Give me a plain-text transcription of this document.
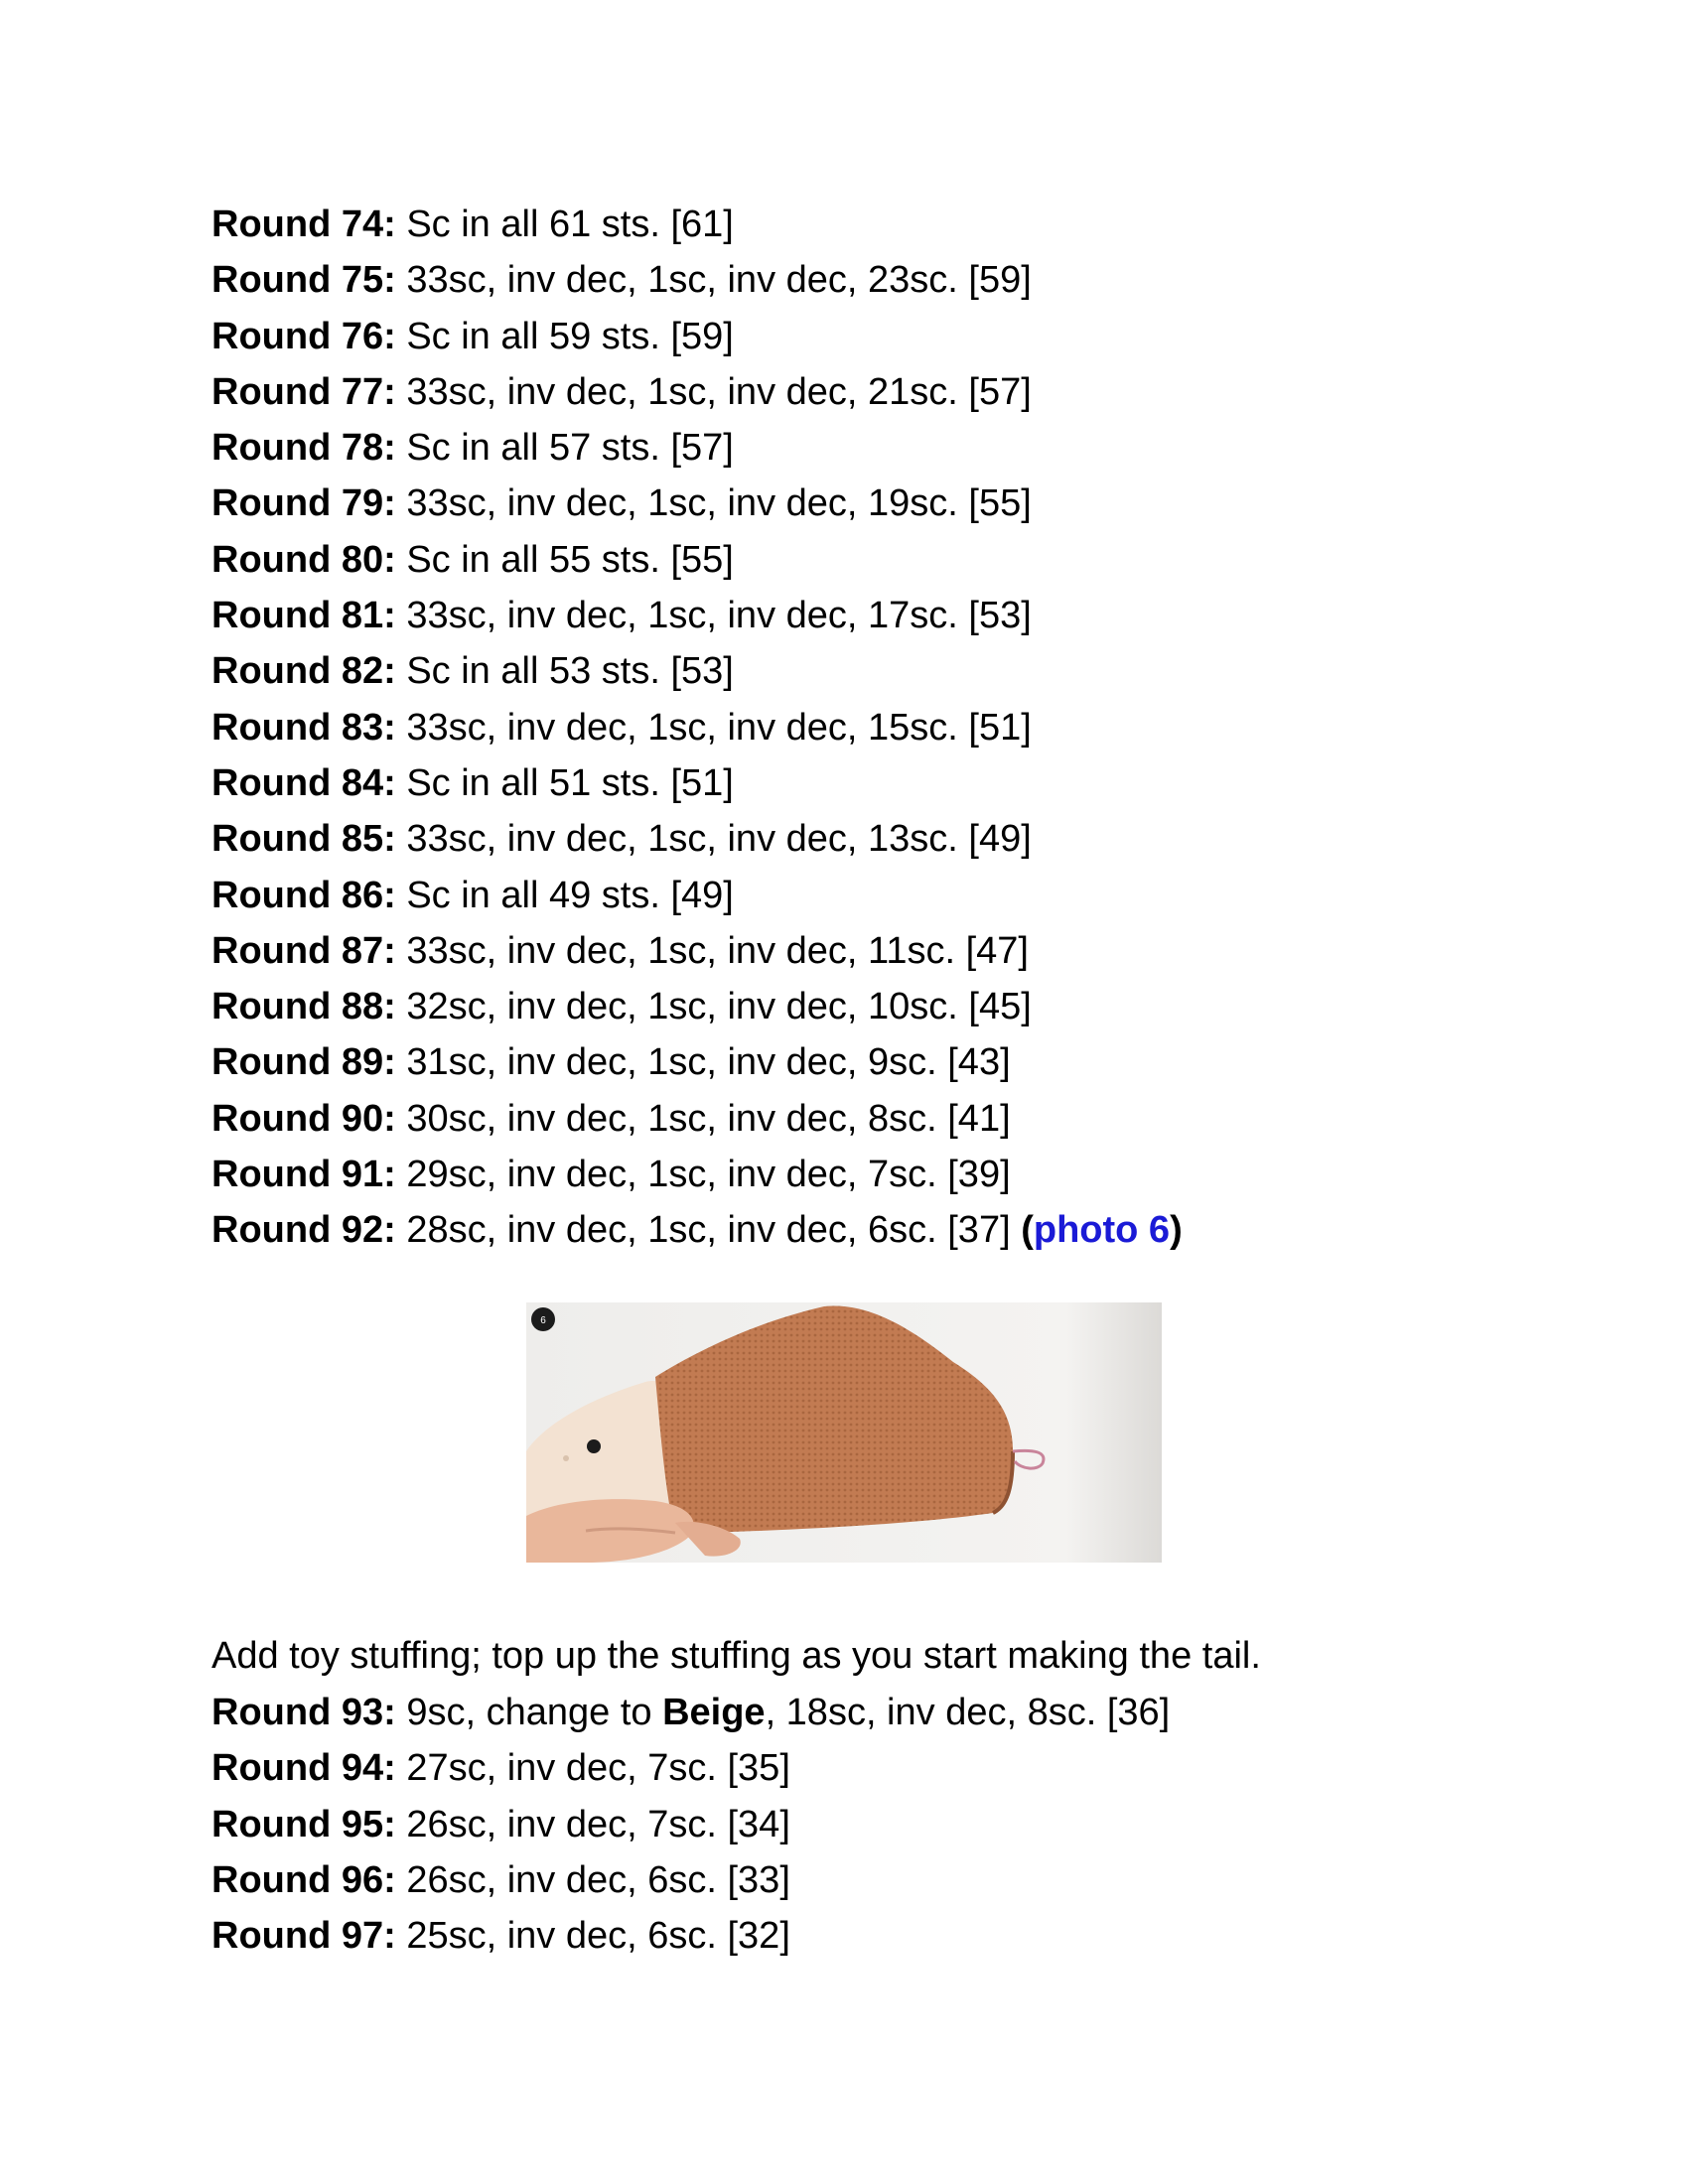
Round 74: Sc in all 61 sts. [61]
Round 75: 33sc, inv dec, 1sc, inv dec, 23sc. [59]
Round 76: Sc in all 59 sts. [59]
Round 77: 33sc, inv dec, 1sc, inv dec, 21sc. [57]
Round 78: Sc in all 57 sts. [57]
Round 79: 33sc, inv dec, 1sc, inv dec, 19sc. [55]
Round 80: Sc in all 55 sts. [55]
Round 81: 33sc, inv dec, 1sc, inv dec, 17sc. [53]
Round 82: Sc in all 53 sts. [53]
Round 83: 33sc, inv dec, 1sc, inv dec, 15sc. [51]
Round 84: Sc in all 51 sts. [51]
Round 85: 33sc, inv dec, 1sc, inv dec, 13sc. [49]
Round 86: Sc in all 49 sts. [49]
Round 87: 33sc, inv dec, 1sc, inv dec, 11sc. [47]
Round 88: 32sc, inv dec, 1sc, inv dec, 10sc. [45]
Round 89: 31sc, inv dec, 1sc, inv dec, 9sc. [43]
Round 90: 30sc, inv dec, 1sc, inv dec, 8sc. [41]
Round 91: 29sc, inv dec, 1sc, inv dec, 7sc. [39]
Round 92: 28sc, inv dec, 1sc, inv dec, 6sc. [37] (photo 6)
6
Add toy stuffing; top up the stuffing as you start making the tail.
Round 93: 9sc, change to Beige, 18sc, inv dec, 8sc. [36]
Round 94: 27sc, inv dec, 7sc. [35]
Round 95: 26sc, inv dec, 7sc. [34]
Round 96: 26sc, inv dec, 6sc. [33]
Round 97: 25sc, inv dec, 6sc. [32]
